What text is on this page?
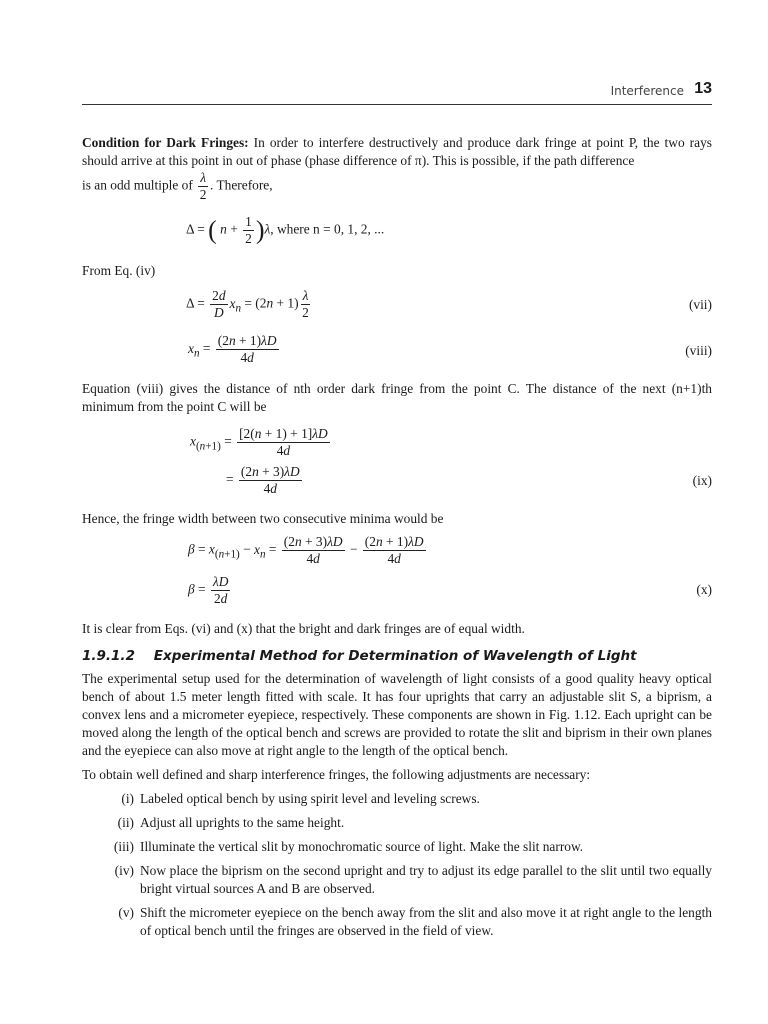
Interference 13
Condition for Dark Fringes: In order to interfere destructively and produce dark fringe at point P, the two rays should arrive at this point in out of phase (phase difference of π). This is possible, if the path difference
is an odd multiple of $\frac{\lambda}{2}$ . Therefore,
Δ = ( $n + \frac{1}{2} )\lambda$, where n = 0, 1, 2, ...
From Eq. (iv)
$\Delta = \frac{2d}{D} x_n = (2n + 1) \frac{\lambda}{2}$	(vii)
$x_n = \frac{(2n + 1)\lambda D}{4d}$	(viii)
Equation (viii) gives the distance of nth order dark fringe from the point C. The distance of the next (n+1)th minimum from the point C will be
$x_{(n+1)} = \frac{[2(n + 1) + 1]\lambda D}{4d}$
= $\frac{(2n + 3)\lambda D}{4d}$	(ix)
Hence, the fringe width between two consecutive minima would be
$\beta = x_{(n+1)} - x_n = \frac{(2n + 3)\lambda D}{4d} - \frac{(2n + 1)\lambda D}{4d}$
$\beta = \frac{\lambda D}{2d}$	(x)
It is clear from Eqs. (vi) and (x) that the bright and dark fringes are of equal width.
1.9.1.2 Experimental Method for Determination of Wavelength of Light
The experimental setup used for the determination of wavelength of light consists of a good quality heavy optical bench of about 1.5 meter length fitted with scale. It has four uprights that carry an adjustable slit S, a biprism, a convex lens and a micrometer eyepiece, respectively. These components are shown in Fig. 1.12. Each upright can be moved along the length of the optical bench and screws are provided to rotate the slit and biprism in their own planes and the eyepiece can also move at right angle to the length of the optical bench.
To obtain well defined and sharp interference fringes, the following adjustments are necessary:
(i) Labeled optical bench by using spirit level and leveling screws.
(ii) Adjust all uprights to the same height.
(iii) Illuminate the vertical slit by monochromatic source of light. Make the slit narrow.
(iv) Now place the biprism on the second upright and try to adjust its edge parallel to the slit until two equally bright virtual sources A and B are observed.
(v) Shift the micrometer eyepiece on the bench away from the slit and also move it at right angle to the length of optical bench until the fringes are observed in the field of view.
